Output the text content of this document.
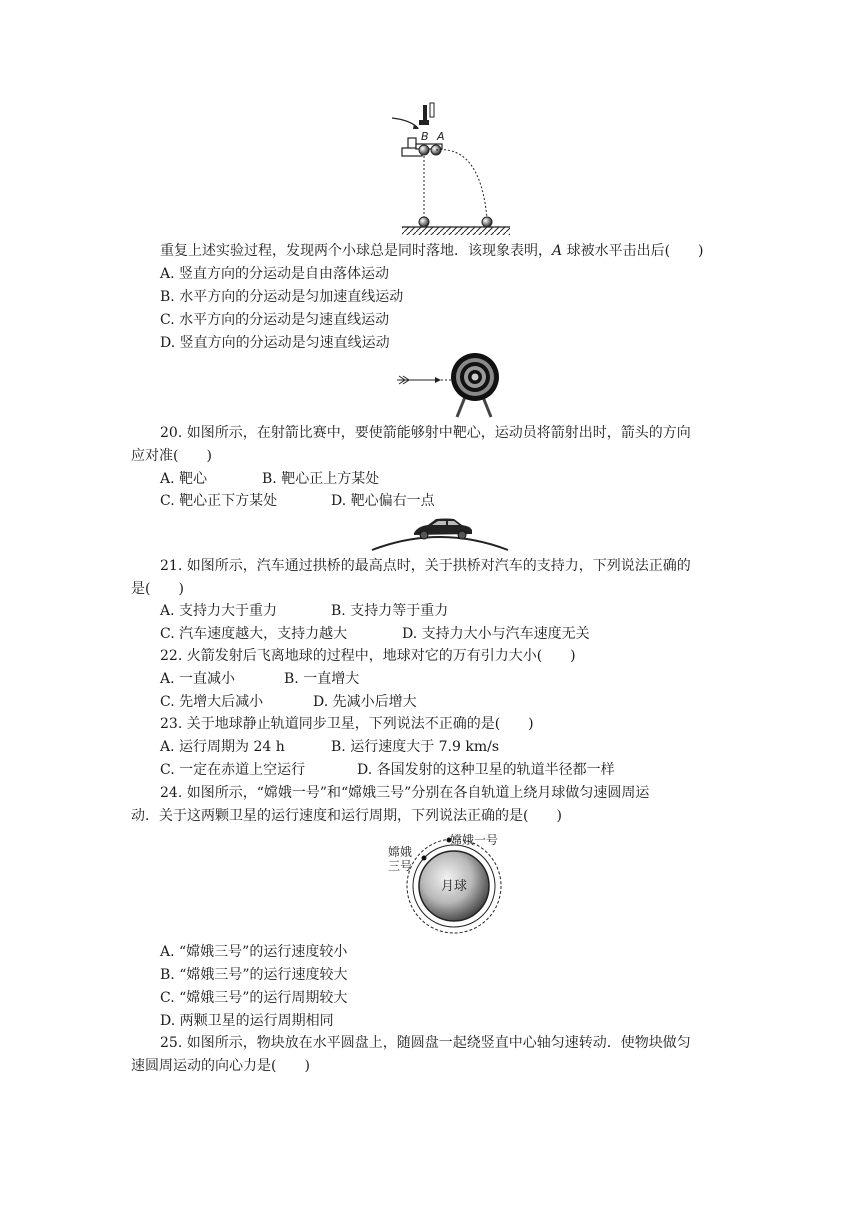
B A
重复上述实验过程，发现两个小球总是同时落地．该现象表明，A 球被水平击出后(　　)
A. 竖直方向的分运动是自由落体运动
B. 水平方向的分运动是匀加速直线运动
C. 水平方向的分运动是匀速直线运动
D. 竖直方向的分运动是匀速直线运动
20. 如图所示，在射箭比赛中，要使箭能够射中靶心，运动员将箭射出时，箭头的方向
应对准(　　)
A. 靶心	B. 靶心正上方某处
C. 靶心正下方某处	D. 靶心偏右一点
21. 如图所示，汽车通过拱桥的最高点时，关于拱桥对汽车的支持力，下列说法正确的
是(　　)
A. 支持力大于重力	B. 支持力等于重力
C. 汽车速度越大，支持力越大	D. 支持力大小与汽车速度无关
22. 火箭发射后飞离地球的过程中，地球对它的万有引力大小(　　)
A. 一直减小	B. 一直增大
C. 先增大后减小	D. 先减小后增大
23. 关于地球静止轨道同步卫星，下列说法不正确的是(　　)
A. 运行周期为 24 h	B. 运行速度大于 7.9 km/s
C. 一定在赤道上空运行	D. 各国发射的这种卫星的轨道半径都一样
24. 如图所示，“嫦娥一号”和“嫦娥三号”分别在各自轨道上绕月球做匀速圆周运
动．关于这两颗卫星的运行速度和运行周期，下列说法正确的是(　　)
嫦娥一号
嫦娥
三号
月球
A. “嫦娥三号”的运行速度较小
B. “嫦娥三号”的运行速度较大
C. “嫦娥三号”的运行周期较大
D. 两颗卫星的运行周期相同
25. 如图所示，物块放在水平圆盘上，随圆盘一起绕竖直中心轴匀速转动．使物块做匀
速圆周运动的向心力是(　　)
